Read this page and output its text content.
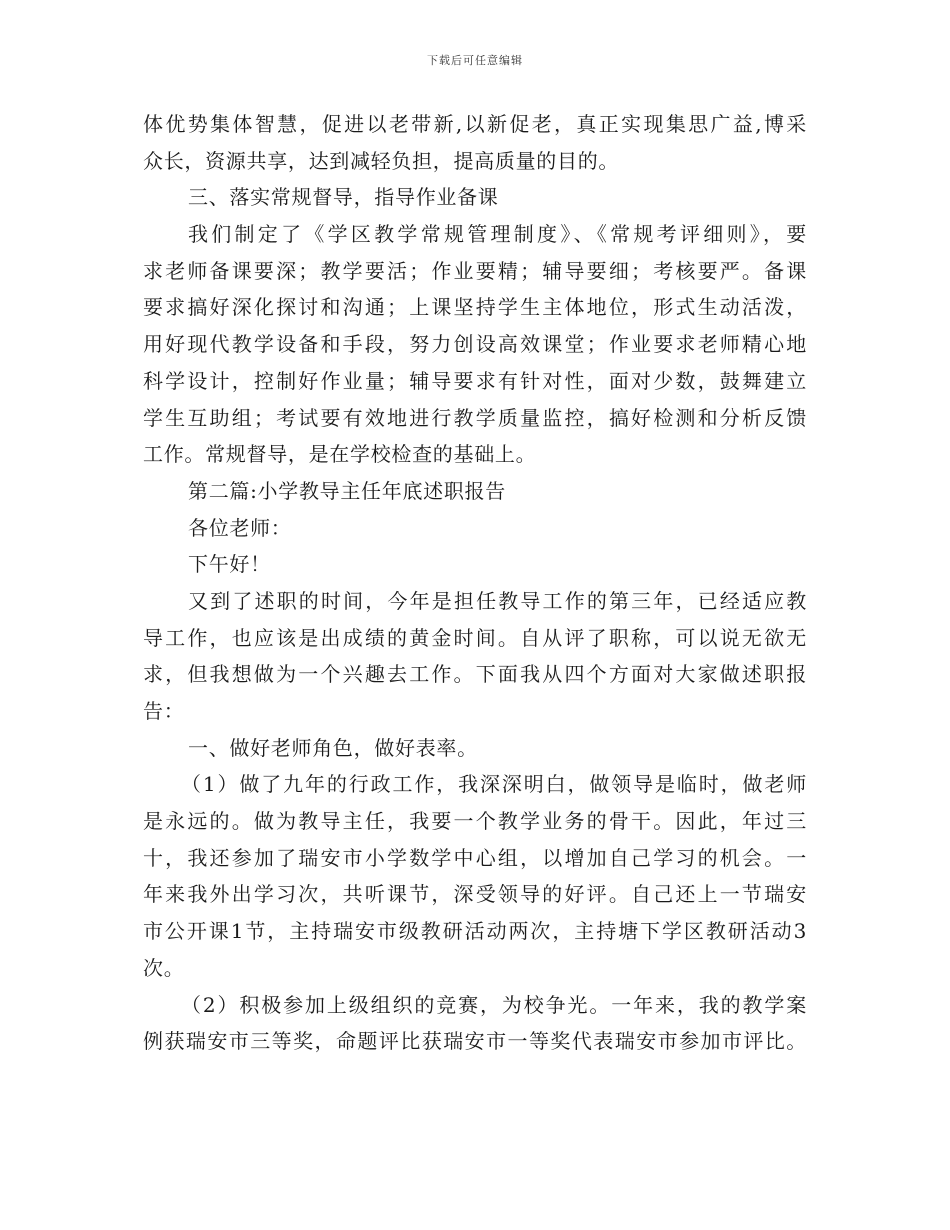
下载后可任意编辑
体优势集体智慧，促进以老带新,以新促老，真正实现集思广益,博采
众长，资源共享，达到减轻负担，提高质量的目的。
三、落实常规督导，指导作业备课
我们制定了《学区教学常规管理制度》、《常规考评细则》，要
求老师备课要深；教学要活；作业要精；辅导要细；考核要严。备课
要求搞好深化探讨和沟通；上课坚持学生主体地位，形式生动活泼，
用好现代教学设备和手段，努力创设高效课堂；作业要求老师精心地
科学设计，控制好作业量；辅导要求有针对性，面对少数，鼓舞建立
学生互助组；考试要有效地进行教学质量监控，搞好检测和分析反馈
工作。常规督导，是在学校检查的基础上。
第二篇:小学教导主任年底述职报告
各位老师：
下午好！
又到了述职的时间，今年是担任教导工作的第三年，已经适应教
导工作，也应该是出成绩的黄金时间。自从评了职称，可以说无欲无
求，但我想做为一个兴趣去工作。下面我从四个方面对大家做述职报
告：
一、做好老师角色，做好表率。
（1）做了九年的行政工作，我深深明白，做领导是临时，做老师
是永远的。做为教导主任，我要一个教学业务的骨干。因此，年过三
十，我还参加了瑞安市小学数学中心组，以增加自己学习的机会。一
年来我外出学习次，共听课节，深受领导的好评。自己还上一节瑞安
市公开课1节，主持瑞安市级教研活动两次，主持塘下学区教研活动3
次。
（2）积极参加上级组织的竞赛，为校争光。一年来，我的教学案
例获瑞安市三等奖，命题评比获瑞安市一等奖代表瑞安市参加市评比。
